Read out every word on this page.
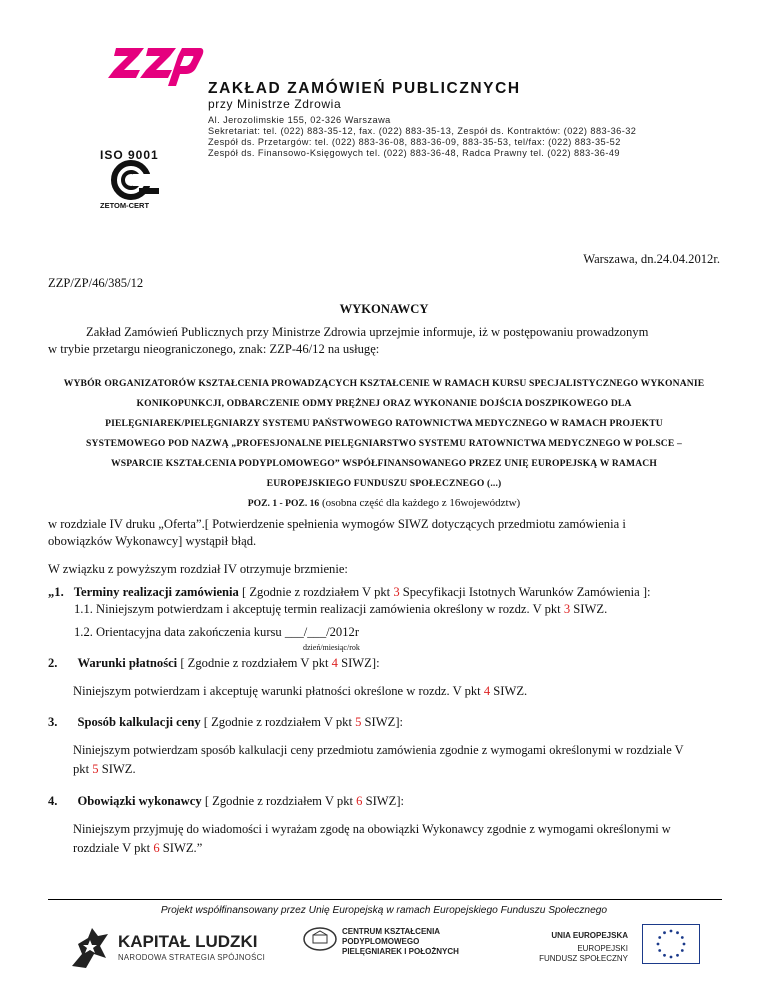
ZAKŁAD ZAMÓWIEŃ PUBLICZNYCH
przy Ministrze Zdrowia
Al. Jerozolimskie 155, 02-326 Warszawa
Sekretariat: tel. (022) 883-35-12, fax. (022) 883-35-13, Zespół ds. Kontraktów: (022) 883-36-32
Zespół ds. Przetargów: tel. (022) 883-36-08, 883-36-09, 883-35-53, tel/fax: (022) 883-35-52
Zespół ds. Finansowo-Księgowych tel. (022) 883-36-48, Radca Prawny tel. (022) 883-36-49
ISO 9001
ZETOM-CERT
Warszawa, dn.24.04.2012r.
ZZP/ZP/46/385/12
WYKONAWCY
Zakład Zamówień Publicznych przy Ministrze Zdrowia uprzejmie informuje, iż w postępowaniu prowadzonym
w trybie przetargu nieograniczonego, znak: ZZP-46/12 na usługę:
WYBÓR ORGANIZATORÓW KSZTAŁCENIA PROWADZĄCYCH KSZTAŁCENIE W RAMACH KURSU SPECJALISTYCZNEGO WYKONANIE
KONIKOPUNKCJI, ODBARCZENIE ODMY PRĘŻNEJ ORAZ WYKONANIE DOJŚCIA DOSZPIKOWEGO DLA
PIELĘGNIAREK/PIELĘGNIARZY SYSTEMU PAŃSTWOWEGO RATOWNICTWA MEDYCZNEGO W RAMACH PROJEKTU
SYSTEMOWEGO POD NAZWĄ „PROFESJONALNE PIELĘGNIARSTWO SYSTEMU RATOWNICTWA MEDYCZNEGO W POLSCE –
WSPARCIE KSZTAŁCENIA PODYPLOMOWEGO” WSPÓŁFINANSOWANEGO PRZEZ UNIĘ EUROPEJSKĄ W RAMACH
EUROPEJSKIEGO FUNDUSZU SPOŁECZNEGO (...)
POZ. 1 - POZ. 16 (osobna część dla każdego z 16województw)
w rozdziale IV druku „Oferta”.[ Potwierdzenie spełnienia wymogów SIWZ dotyczących przedmiotu zamówienia i
obowiązków Wykonawcy] wystąpił błąd.
W związku z powyższym rozdział IV otrzymuje brzmienie:
„1. Terminy realizacji zamówienia [ Zgodnie z rozdziałem V pkt 3 Specyfikacji Istotnych Warunków Zamówienia ]:
1.1. Niniejszym potwierdzam i akceptuję termin realizacji zamówienia określony w rozdz. V pkt 3 SIWZ.
1.2. Orientacyjna data zakończenia kursu ___/___/2012r
dzień/miesiąc/rok
2. Warunki płatności [ Zgodnie z rozdziałem V pkt 4 SIWZ]:
Niniejszym potwierdzam i akceptuję warunki płatności określone w rozdz. V pkt 4 SIWZ.
3. Sposób kalkulacji ceny [ Zgodnie z rozdziałem V pkt 5 SIWZ]:
Niniejszym potwierdzam sposób kalkulacji ceny przedmiotu zamówienia zgodnie z wymogami określonymi w rozdziale V
pkt 5 SIWZ.
4. Obowiązki wykonawcy [ Zgodnie z rozdziałem V pkt 6 SIWZ]:
Niniejszym przyjmuję do wiadomości i wyrażam zgodę na obowiązki Wykonawcy zgodnie z wymogami określonymi w
rozdziale V pkt 6 SIWZ.”
Projekt współfinansowany przez Unię Europejską w ramach Europejskiego Funduszu Społecznego
KAPITAŁ LUDZKI
NARODOWA STRATEGIA SPÓJNOŚCI
CENTRUM KSZTAŁCENIA
PODYPLOMOWEGO
PIELĘGNIAREK I POŁOŻNYCH
UNIA EUROPEJSKA
EUROPEJSKI
FUNDUSZ SPOŁECZNY
